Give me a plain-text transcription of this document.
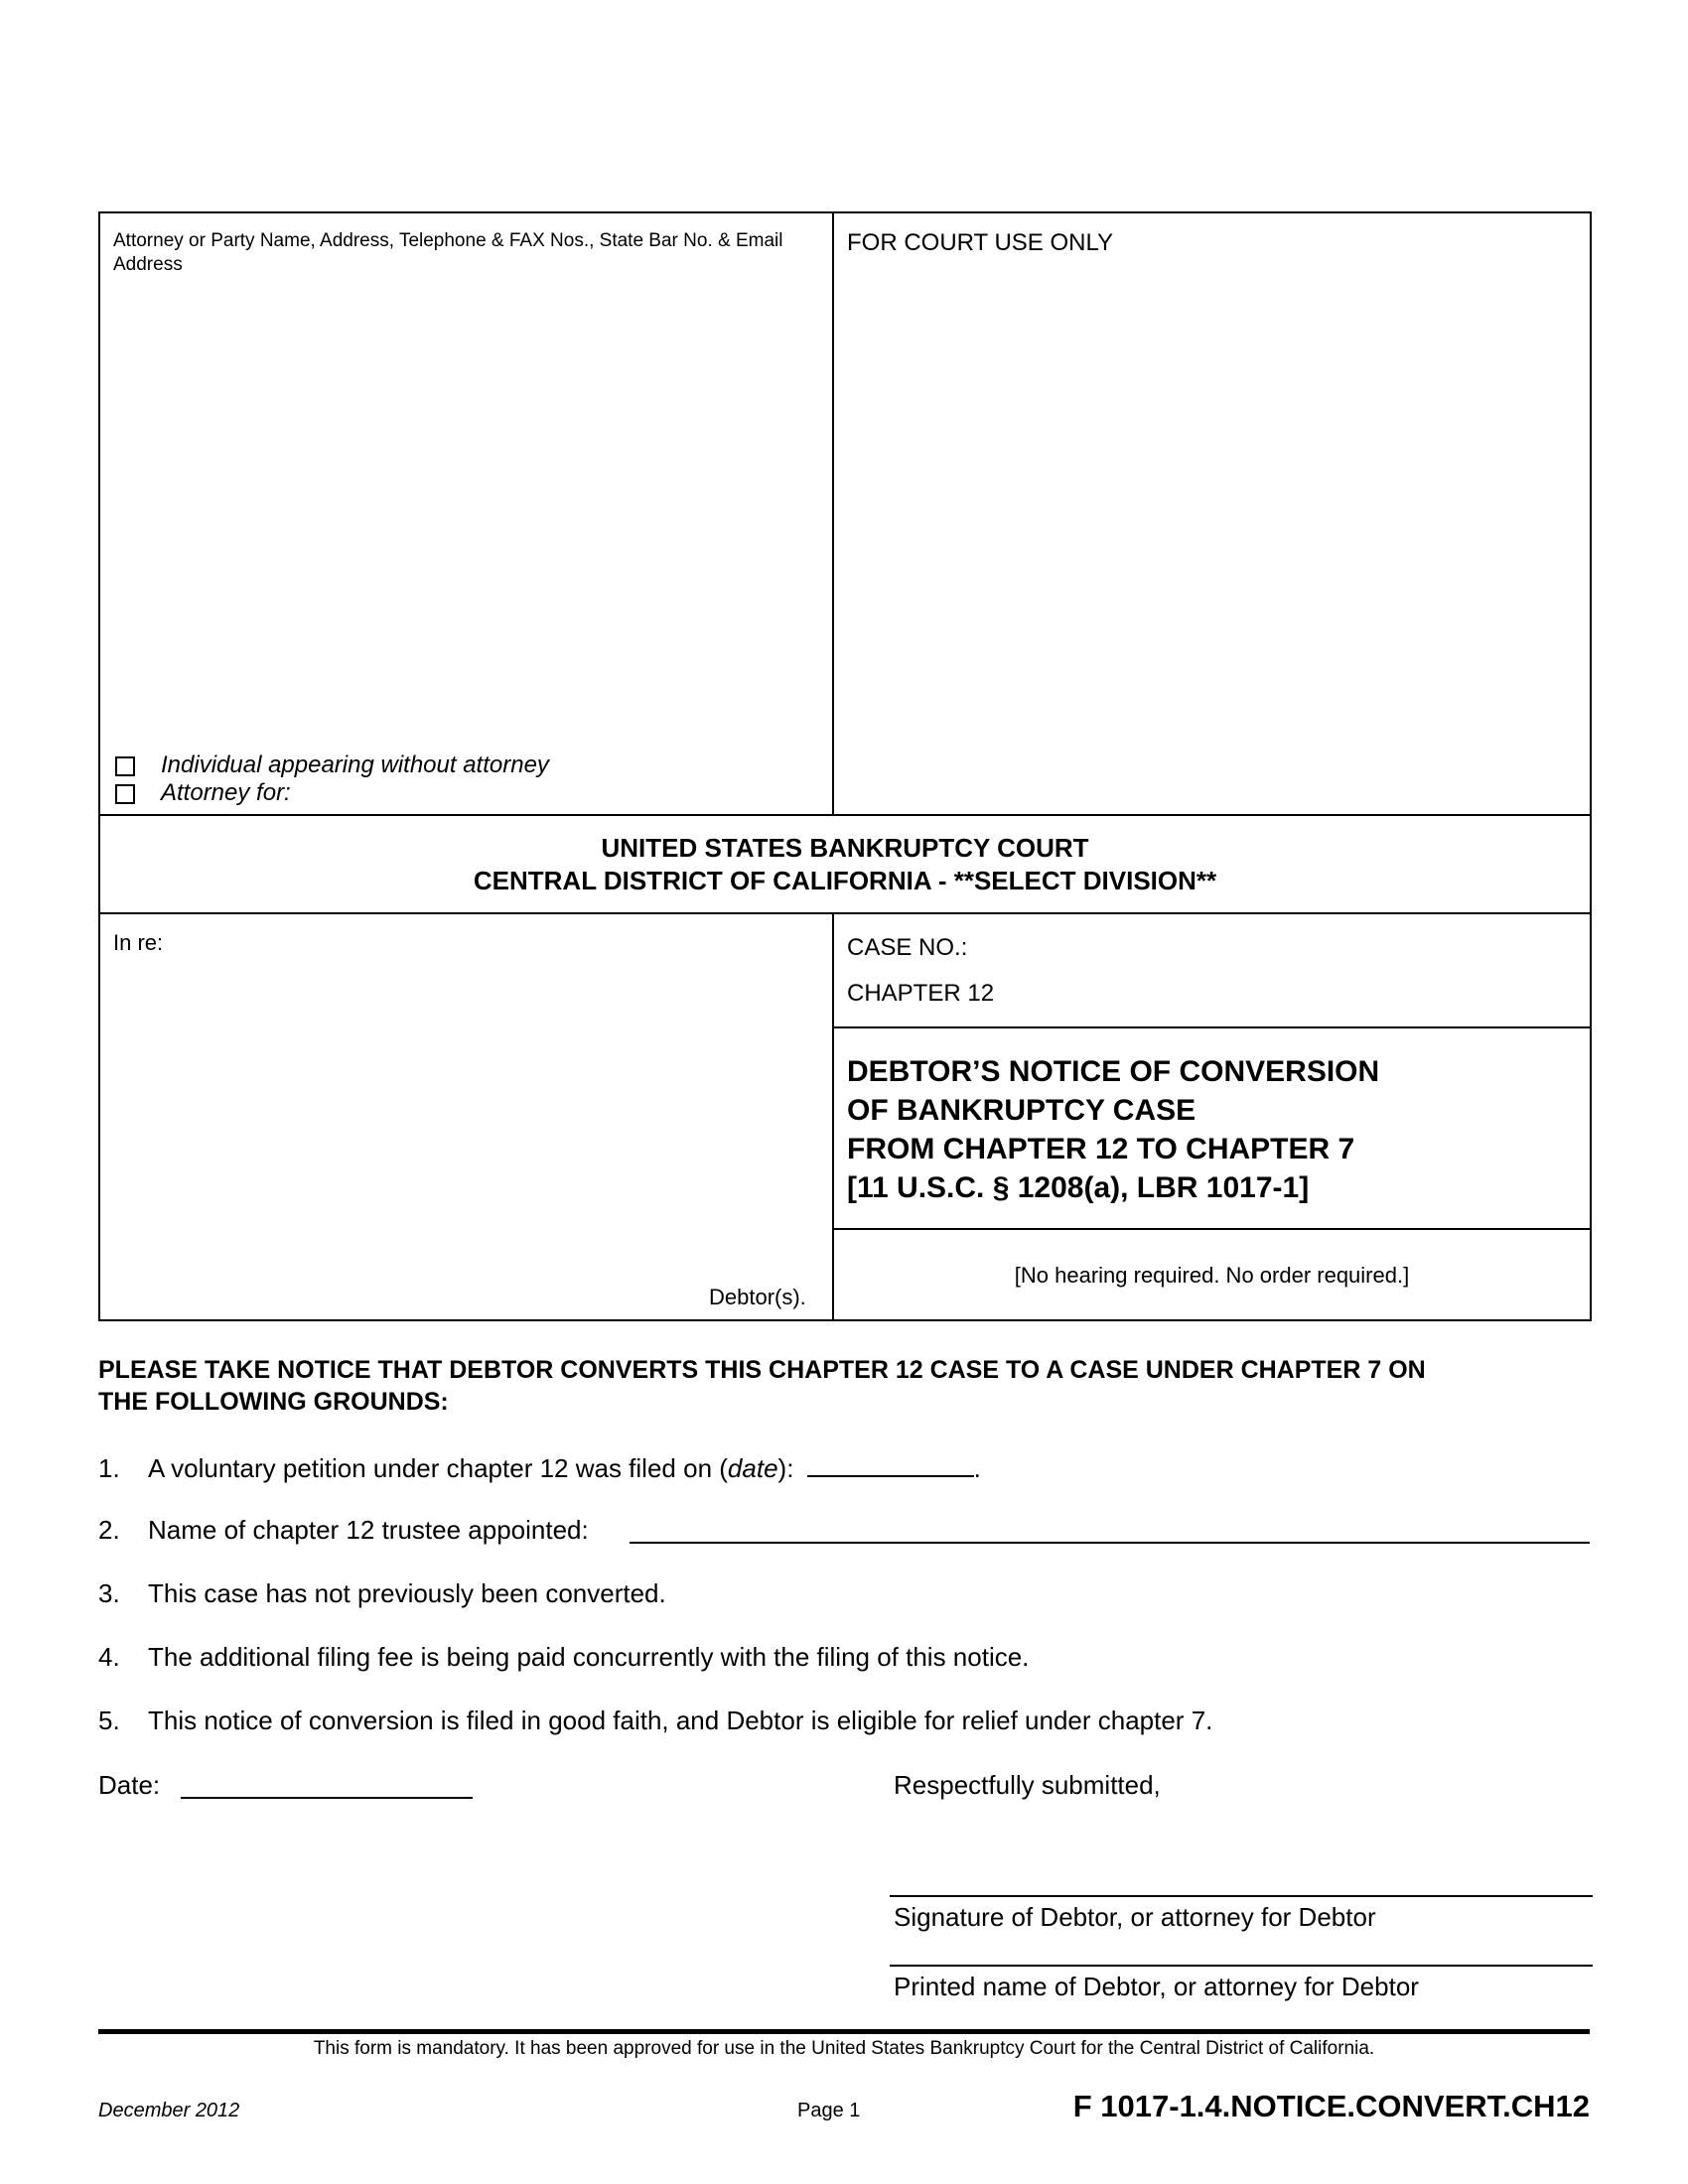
Attorney or Party Name, Address, Telephone & FAX Nos., State Bar No. & Email Address
FOR COURT USE ONLY
Individual appearing without attorney
Attorney for:
UNITED STATES BANKRUPTCY COURT
CENTRAL DISTRICT OF CALIFORNIA - **SELECT DIVISION**
In re:
Debtor(s).
CASE NO.:
CHAPTER 12
DEBTOR’S NOTICE OF CONVERSION
OF BANKRUPTCY CASE
FROM CHAPTER 12 TO CHAPTER 7
[11 U.S.C. § 1208(a), LBR 1017-1]
[No hearing required. No order required.]
PLEASE TAKE NOTICE THAT DEBTOR CONVERTS THIS CHAPTER 12 CASE TO A CASE UNDER CHAPTER 7 ON
THE FOLLOWING GROUNDS:
1. A voluntary petition under chapter 12 was filed on (date):	.
2. Name of chapter 12 trustee appointed:
3. This case has not previously been converted.
4. The additional filing fee is being paid concurrently with the filing of this notice.
5. This notice of conversion is filed in good faith, and Debtor is eligible for relief under chapter 7.
Date:	Respectfully submitted,
Signature of Debtor, or attorney for Debtor
Printed name of Debtor, or attorney for Debtor
This form is mandatory. It has been approved for use in the United States Bankruptcy Court for the Central District of California.
December 2012	Page 1	F 1017-1.4.NOTICE.CONVERT.CH12
